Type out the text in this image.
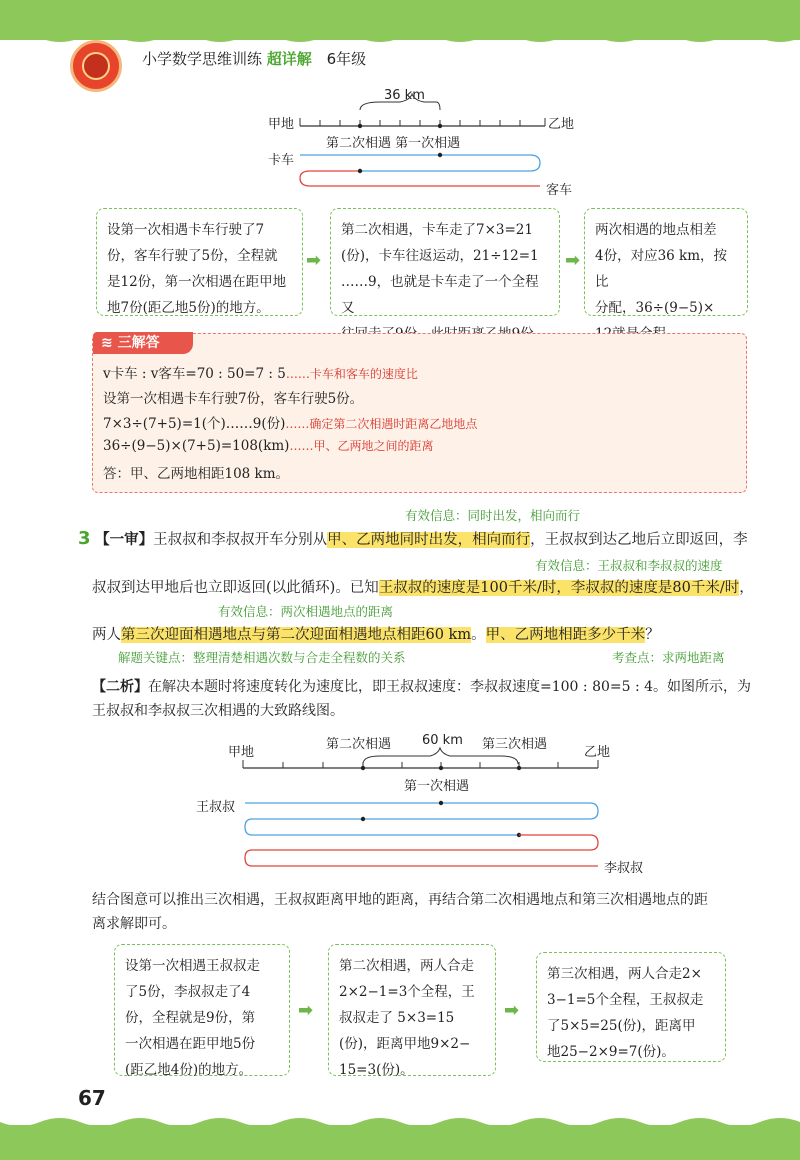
小学数学思维训练 超详解 6年级
36 km
甲地	乙地
第二次相遇 第一次相遇
卡车
客车
设第一次相遇卡车行驶了7
份，客车行驶了5份，全程就
是12份，第一次相遇在距甲地
地7份(距乙地5份)的地方。
➡
第二次相遇，卡车走了7×3=21
(份)，卡车往返运动，21÷12=1
……9，也就是卡车走了一个全程又
➡
两次相遇的地点相差
4份，对应36 km，按比
分配，36÷(9−5)×
≋ 三解答
v卡车 : v客车=70 : 50=7 : 5……卡车和客车的速度比
设第一次相遇卡车行驶7份，客车行驶5份。
7×3÷(7+5)=1(个)……9(份)……确定第二次相遇时距离乙地地点
36÷(9−5)×(7+5)=108(km)……甲、乙两地之间的距离
答：甲、乙两地相距108 km。
有效信息：同时出发，相向而行
3 【一审】王叔叔和李叔叔开车分别从甲、乙两地同时出发，相向而行，王叔叔到达乙地后立即返回，李
有效信息：王叔叔和李叔叔的速度
叔叔到达甲地后也立即返回(以此循环)。已知王叔叔的速度是100千米/时，李叔叔的速度是80千米/时，
有效信息：两次相遇地点的距离
两人第三次迎面相遇地点与第二次迎面相遇地点相距60 km。甲、乙两地相距多少千米？
解题关键点：整理清楚相遇次数与合走全程数的关系	考查点：求两地距离
【二析】在解决本题时将速度转化为速度比，即王叔叔速度：李叔叔速度=100 : 80=5 : 4。如图所示，为
王叔叔和李叔叔三次相遇的大致路线图。
甲地
第二次相遇 60 km 第三次相遇
乙地
第一次相遇
王叔叔
李叔叔
结合图意可以推出三次相遇，王叔叔距离甲地的距离，再结合第二次相遇地点和第三次相遇地点的距
离求解即可。
设第一次相遇王叔叔走
了5份，李叔叔走了4
份，全程就是9份，第
一次相遇在距甲地5份
(距乙地4份)的地方。
➡
第二次相遇，两人合走
2×2−1=3个全程，王
叔叔走了 5×3=15
(份)，距离甲地9×2−
15=3(份)。
➡
第三次相遇，两人合走2×
3−1=5个全程，王叔叔走
了5×5=25(份)，距离甲
地25−2×9=7(份)。
67
